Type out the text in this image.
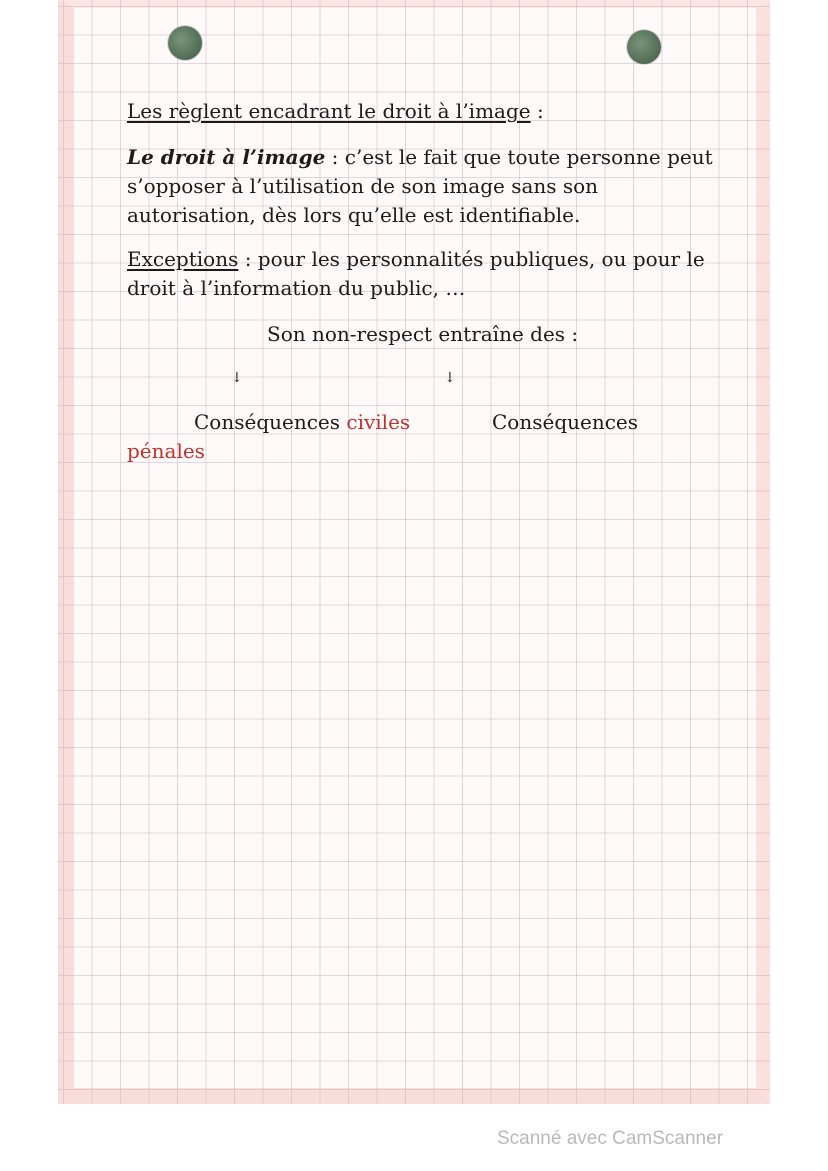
Les règlent encadrant le droit à l’image :
Le droit à l’image : c’est le fait que toute personne peut
s’opposer à l’utilisation de son image sans son
autorisation, dès lors qu’elle est identifiable.
Exceptions : pour les personnalités publiques, ou pour le
droit à l’information du public, …
Son non-respect entraîne des :
↓	↓
Conséquences civiles	Conséquences
pénales
Scanné avec CamScanner
